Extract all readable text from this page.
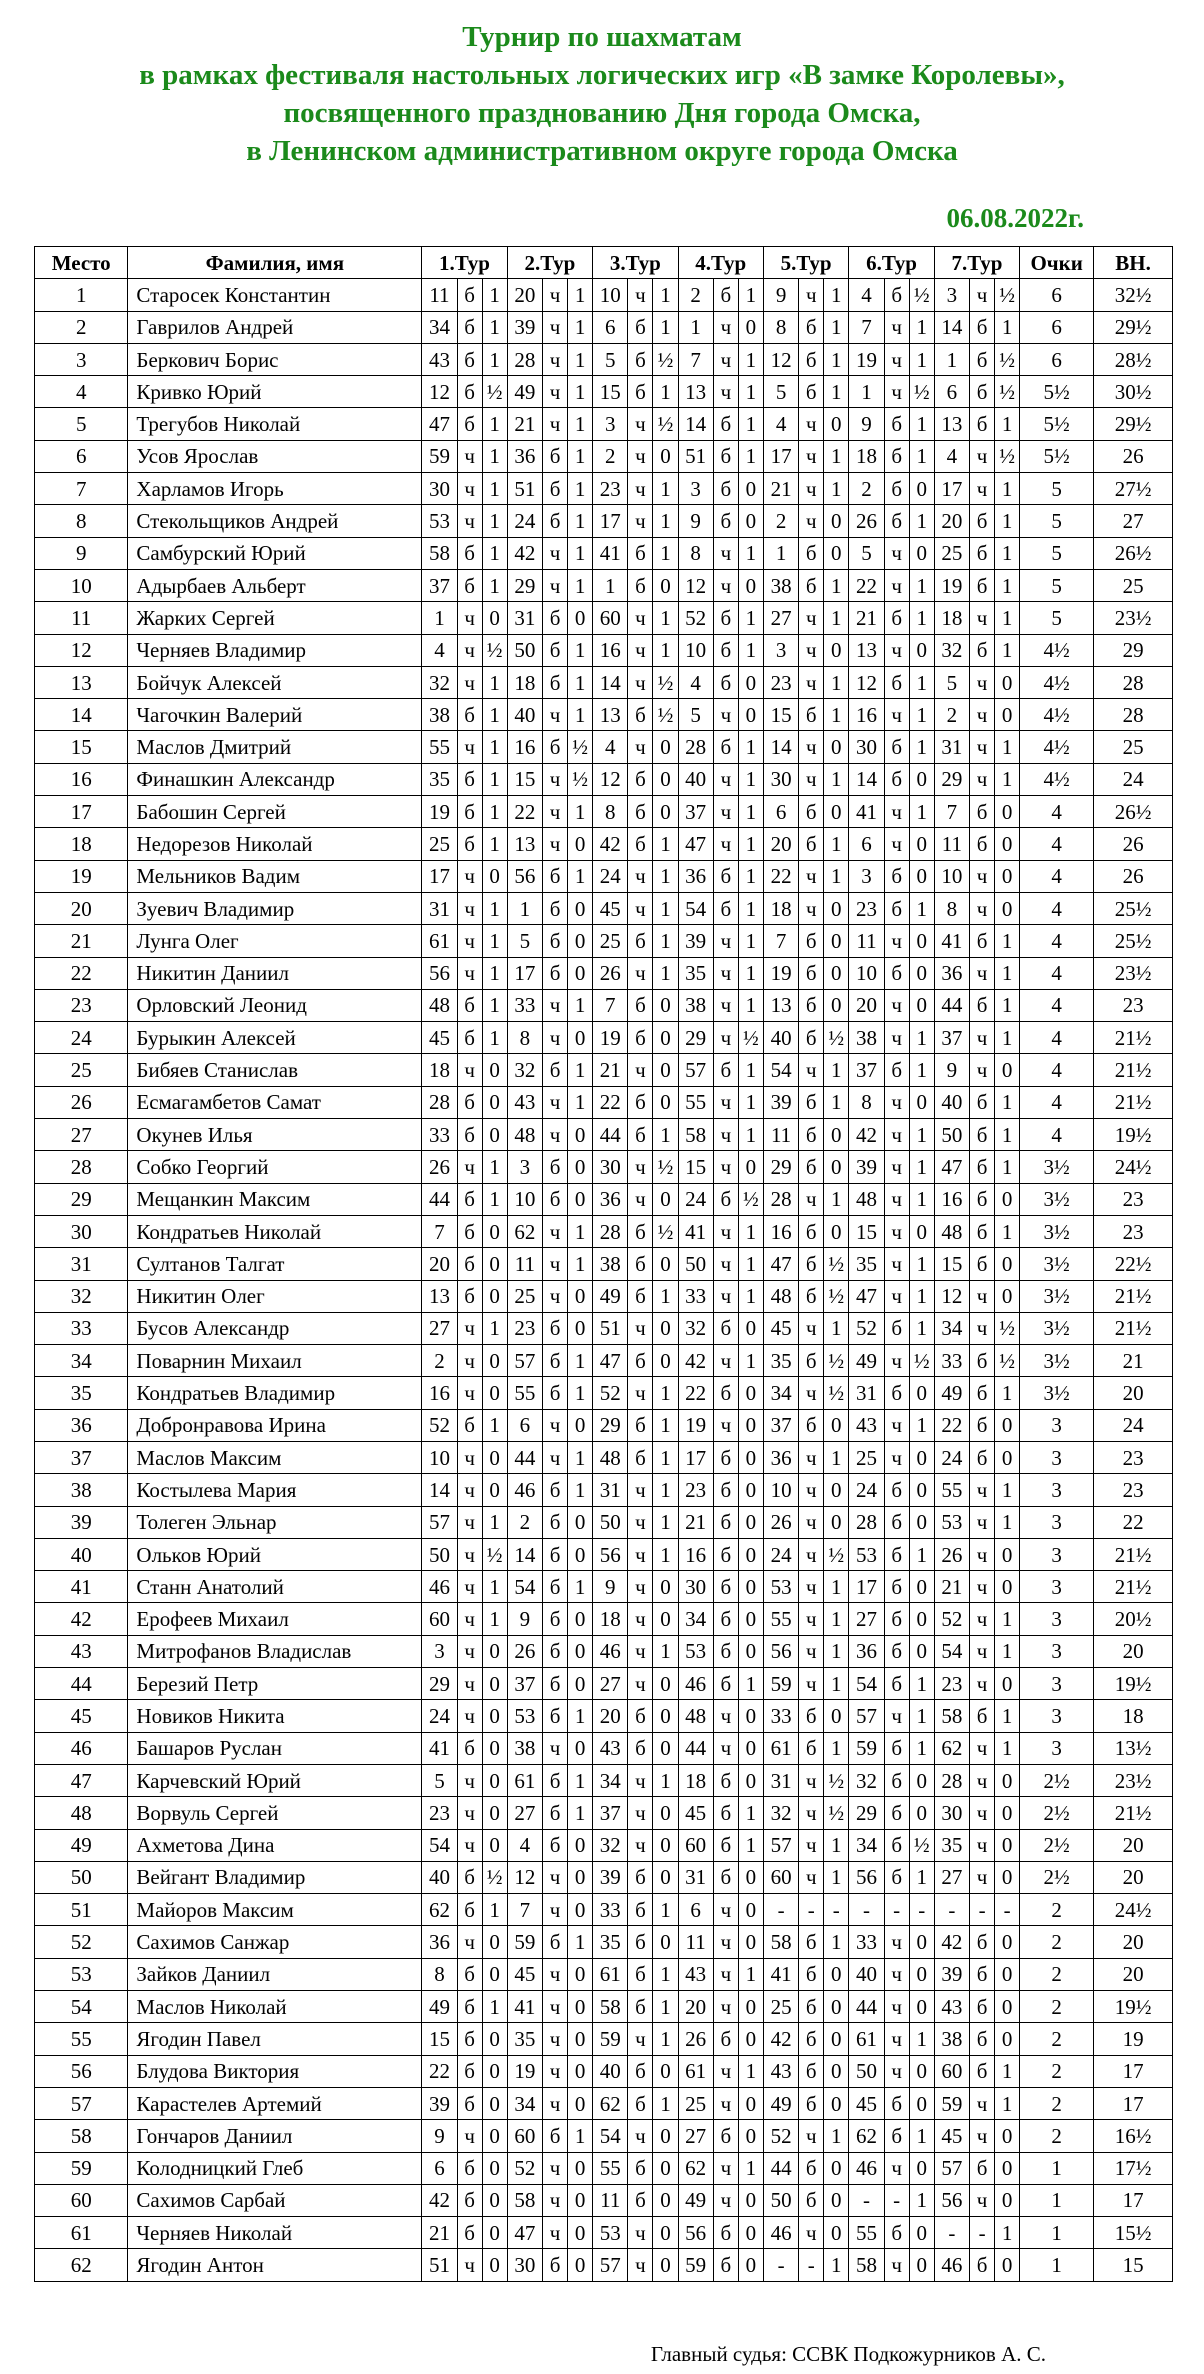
Турнир по шахматам
в рамках фестиваля настольных логических игр «В замке Королевы»,
посвященного празднованию Дня города Омска,
в Ленинском административном округе города Омска
06.08.2022г.
Место	Фамилия, имя	1.Тур			2.Тур			3.Тур			4.Тур			5.Тур			6.Тур			7.Тур			Очки	ВН.
1	Старосек Константин	11	б	1	20	ч	1	10	ч	1	2	б	1	9	ч	1	4	б	½	3	ч	½	6	32½
2	Гаврилов Андрей	34	б	1	39	ч	1	6	б	1	1	ч	0	8	б	1	7	ч	1	14	б	1	6	29½
3	Беркович Борис	43	б	1	28	ч	1	5	б	½	7	ч	1	12	б	1	19	ч	1	1	б	½	6	28½
4	Кривко Юрий	12	б	½	49	ч	1	15	б	1	13	ч	1	5	б	1	1	ч	½	6	б	½	5½	30½
5	Трегубов Николай	47	б	1	21	ч	1	3	ч	½	14	б	1	4	ч	0	9	б	1	13	б	1	5½	29½
6	Усов Ярослав	59	ч	1	36	б	1	2	ч	0	51	б	1	17	ч	1	18	б	1	4	ч	½	5½	26
7	Харламов Игорь	30	ч	1	51	б	1	23	ч	1	3	б	0	21	ч	1	2	б	0	17	ч	1	5	27½
8	Стекольщиков Андрей	53	ч	1	24	б	1	17	ч	1	9	б	0	2	ч	0	26	б	1	20	б	1	5	27
9	Самбурский Юрий	58	б	1	42	ч	1	41	б	1	8	ч	1	1	б	0	5	ч	0	25	б	1	5	26½
10	Адырбаев Альберт	37	б	1	29	ч	1	1	б	0	12	ч	0	38	б	1	22	ч	1	19	б	1	5	25
11	Жарких Сергей	1	ч	0	31	б	0	60	ч	1	52	б	1	27	ч	1	21	б	1	18	ч	1	5	23½
12	Черняев Владимир	4	ч	½	50	б	1	16	ч	1	10	б	1	3	ч	0	13	ч	0	32	б	1	4½	29
13	Бойчук Алексей	32	ч	1	18	б	1	14	ч	½	4	б	0	23	ч	1	12	б	1	5	ч	0	4½	28
14	Чагочкин Валерий	38	б	1	40	ч	1	13	б	½	5	ч	0	15	б	1	16	ч	1	2	ч	0	4½	28
15	Маслов Дмитрий	55	ч	1	16	б	½	4	ч	0	28	б	1	14	ч	0	30	б	1	31	ч	1	4½	25
16	Финашкин Александр	35	б	1	15	ч	½	12	б	0	40	ч	1	30	ч	1	14	б	0	29	ч	1	4½	24
17	Бабошин Сергей	19	б	1	22	ч	1	8	б	0	37	ч	1	6	б	0	41	ч	1	7	б	0	4	26½
18	Недорезов Николай	25	б	1	13	ч	0	42	б	1	47	ч	1	20	б	1	6	ч	0	11	б	0	4	26
19	Мельников Вадим	17	ч	0	56	б	1	24	ч	1	36	б	1	22	ч	1	3	б	0	10	ч	0	4	26
20	Зуевич Владимир	31	ч	1	1	б	0	45	ч	1	54	б	1	18	ч	0	23	б	1	8	ч	0	4	25½
21	Лунга Олег	61	ч	1	5	б	0	25	б	1	39	ч	1	7	б	0	11	ч	0	41	б	1	4	25½
22	Никитин Даниил	56	ч	1	17	б	0	26	ч	1	35	ч	1	19	б	0	10	б	0	36	ч	1	4	23½
23	Орловский Леонид	48	б	1	33	ч	1	7	б	0	38	ч	1	13	б	0	20	ч	0	44	б	1	4	23
24	Бурыкин Алексей	45	б	1	8	ч	0	19	б	0	29	ч	½	40	б	½	38	ч	1	37	ч	1	4	21½
25	Бибяев Станислав	18	ч	0	32	б	1	21	ч	0	57	б	1	54	ч	1	37	б	1	9	ч	0	4	21½
26	Есмагамбетов Самат	28	б	0	43	ч	1	22	б	0	55	ч	1	39	б	1	8	ч	0	40	б	1	4	21½
27	Окунев Илья	33	б	0	48	ч	0	44	б	1	58	ч	1	11	б	0	42	ч	1	50	б	1	4	19½
28	Собко Георгий	26	ч	1	3	б	0	30	ч	½	15	ч	0	29	б	0	39	ч	1	47	б	1	3½	24½
29	Мещанкин Максим	44	б	1	10	б	0	36	ч	0	24	б	½	28	ч	1	48	ч	1	16	б	0	3½	23
30	Кондратьев Николай	7	б	0	62	ч	1	28	б	½	41	ч	1	16	б	0	15	ч	0	48	б	1	3½	23
31	Султанов Талгат	20	б	0	11	ч	1	38	б	0	50	ч	1	47	б	½	35	ч	1	15	б	0	3½	22½
32	Никитин Олег	13	б	0	25	ч	0	49	б	1	33	ч	1	48	б	½	47	ч	1	12	ч	0	3½	21½
33	Бусов Александр	27	ч	1	23	б	0	51	ч	0	32	б	0	45	ч	1	52	б	1	34	ч	½	3½	21½
34	Поварнин Михаил	2	ч	0	57	б	1	47	б	0	42	ч	1	35	б	½	49	ч	½	33	б	½	3½	21
35	Кондратьев Владимир	16	ч	0	55	б	1	52	ч	1	22	б	0	34	ч	½	31	б	0	49	б	1	3½	20
36	Добронравова Ирина	52	б	1	6	ч	0	29	б	1	19	ч	0	37	б	0	43	ч	1	22	б	0	3	24
37	Маслов Максим	10	ч	0	44	ч	1	48	б	1	17	б	0	36	ч	1	25	ч	0	24	б	0	3	23
38	Костылева Мария	14	ч	0	46	б	1	31	ч	1	23	б	0	10	ч	0	24	б	0	55	ч	1	3	23
39	Толеген Эльнар	57	ч	1	2	б	0	50	ч	1	21	б	0	26	ч	0	28	б	0	53	ч	1	3	22
40	Ольков Юрий	50	ч	½	14	б	0	56	ч	1	16	б	0	24	ч	½	53	б	1	26	ч	0	3	21½
41	Станн Анатолий	46	ч	1	54	б	1	9	ч	0	30	б	0	53	ч	1	17	б	0	21	ч	0	3	21½
42	Ерофеев Михаил	60	ч	1	9	б	0	18	ч	0	34	б	0	55	ч	1	27	б	0	52	ч	1	3	20½
43	Митрофанов Владислав	3	ч	0	26	б	0	46	ч	1	53	б	0	56	ч	1	36	б	0	54	ч	1	3	20
44	Березий Петр	29	ч	0	37	б	0	27	ч	0	46	б	1	59	ч	1	54	б	1	23	ч	0	3	19½
45	Новиков Никита	24	ч	0	53	б	1	20	б	0	48	ч	0	33	б	0	57	ч	1	58	б	1	3	18
46	Башаров Руслан	41	б	0	38	ч	0	43	б	0	44	ч	0	61	б	1	59	б	1	62	ч	1	3	13½
47	Карчевский Юрий	5	ч	0	61	б	1	34	ч	1	18	б	0	31	ч	½	32	б	0	28	ч	0	2½	23½
48	Ворвуль Сергей	23	ч	0	27	б	1	37	ч	0	45	б	1	32	ч	½	29	б	0	30	ч	0	2½	21½
49	Ахметова Дина	54	ч	0	4	б	0	32	ч	0	60	б	1	57	ч	1	34	б	½	35	ч	0	2½	20
50	Вейгант Владимир	40	б	½	12	ч	0	39	б	0	31	б	0	60	ч	1	56	б	1	27	ч	0	2½	20
51	Майоров Максим	62	б	1	7	ч	0	33	б	1	6	ч	0	-	-	-	-	-	-	-	-	-	2	24½
52	Сахимов Санжар	36	ч	0	59	б	1	35	б	0	11	ч	0	58	б	1	33	ч	0	42	б	0	2	20
53	Зайков Даниил	8	б	0	45	ч	0	61	б	1	43	ч	1	41	б	0	40	ч	0	39	б	0	2	20
54	Маслов Николай	49	б	1	41	ч	0	58	б	1	20	ч	0	25	б	0	44	ч	0	43	б	0	2	19½
55	Ягодин Павел	15	б	0	35	ч	0	59	ч	1	26	б	0	42	б	0	61	ч	1	38	б	0	2	19
56	Блудова Виктория	22	б	0	19	ч	0	40	б	0	61	ч	1	43	б	0	50	ч	0	60	б	1	2	17
57	Карастелев Артемий	39	б	0	34	ч	0	62	б	1	25	ч	0	49	б	0	45	б	0	59	ч	1	2	17
58	Гончаров Даниил	9	ч	0	60	б	1	54	ч	0	27	б	0	52	ч	1	62	б	1	45	ч	0	2	16½
59	Колодницкий Глеб	6	б	0	52	ч	0	55	б	0	62	ч	1	44	б	0	46	ч	0	57	б	0	1	17½
60	Сахимов Сарбай	42	б	0	58	ч	0	11	б	0	49	ч	0	50	б	0	-	-	1	56	ч	0	1	17
61	Черняев Николай	21	б	0	47	ч	0	53	ч	0	56	б	0	46	ч	0	55	б	0	-	-	1	1	15½
62	Ягодин Антон	51	ч	0	30	б	0	57	ч	0	59	б	0	-	-	1	58	ч	0	46	б	0	1	15
Главный судья: ССВК Подкожурников А. С.
